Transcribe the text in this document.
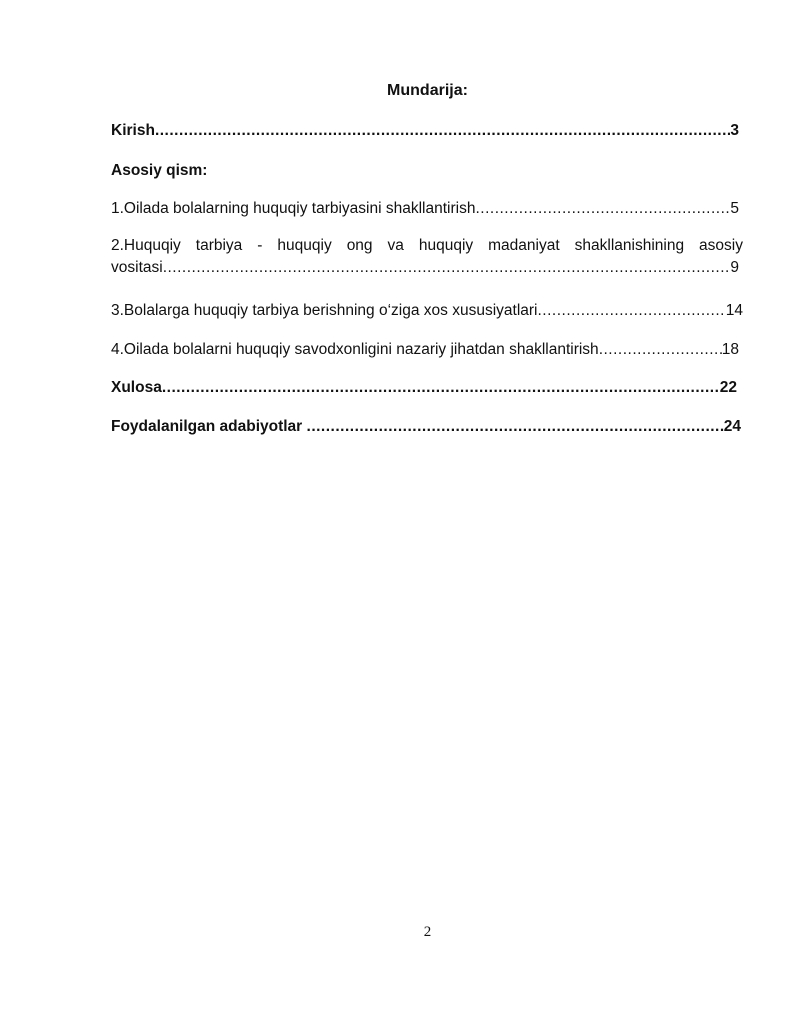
Mundarija:
Kirish .....	3
Asosiy qism:
1.Oilada bolalarning huquqiy tarbiyasini shakllantirish .....	5
2.Huquqiy tarbiya - huquqiy ong va huquqiy madaniyat shakllanishining asosiy
vositasi .....	9
3.Bolalarga huquqiy tarbiya berishning o‘ziga xos xususiyatlari .....	14
4.Oilada bolalarni huquqiy savodxonligini nazariy jihatdan shakllantirish .....	18
Xulosa .....	22
Foydalanilgan adabiyotlar .....	24
2
